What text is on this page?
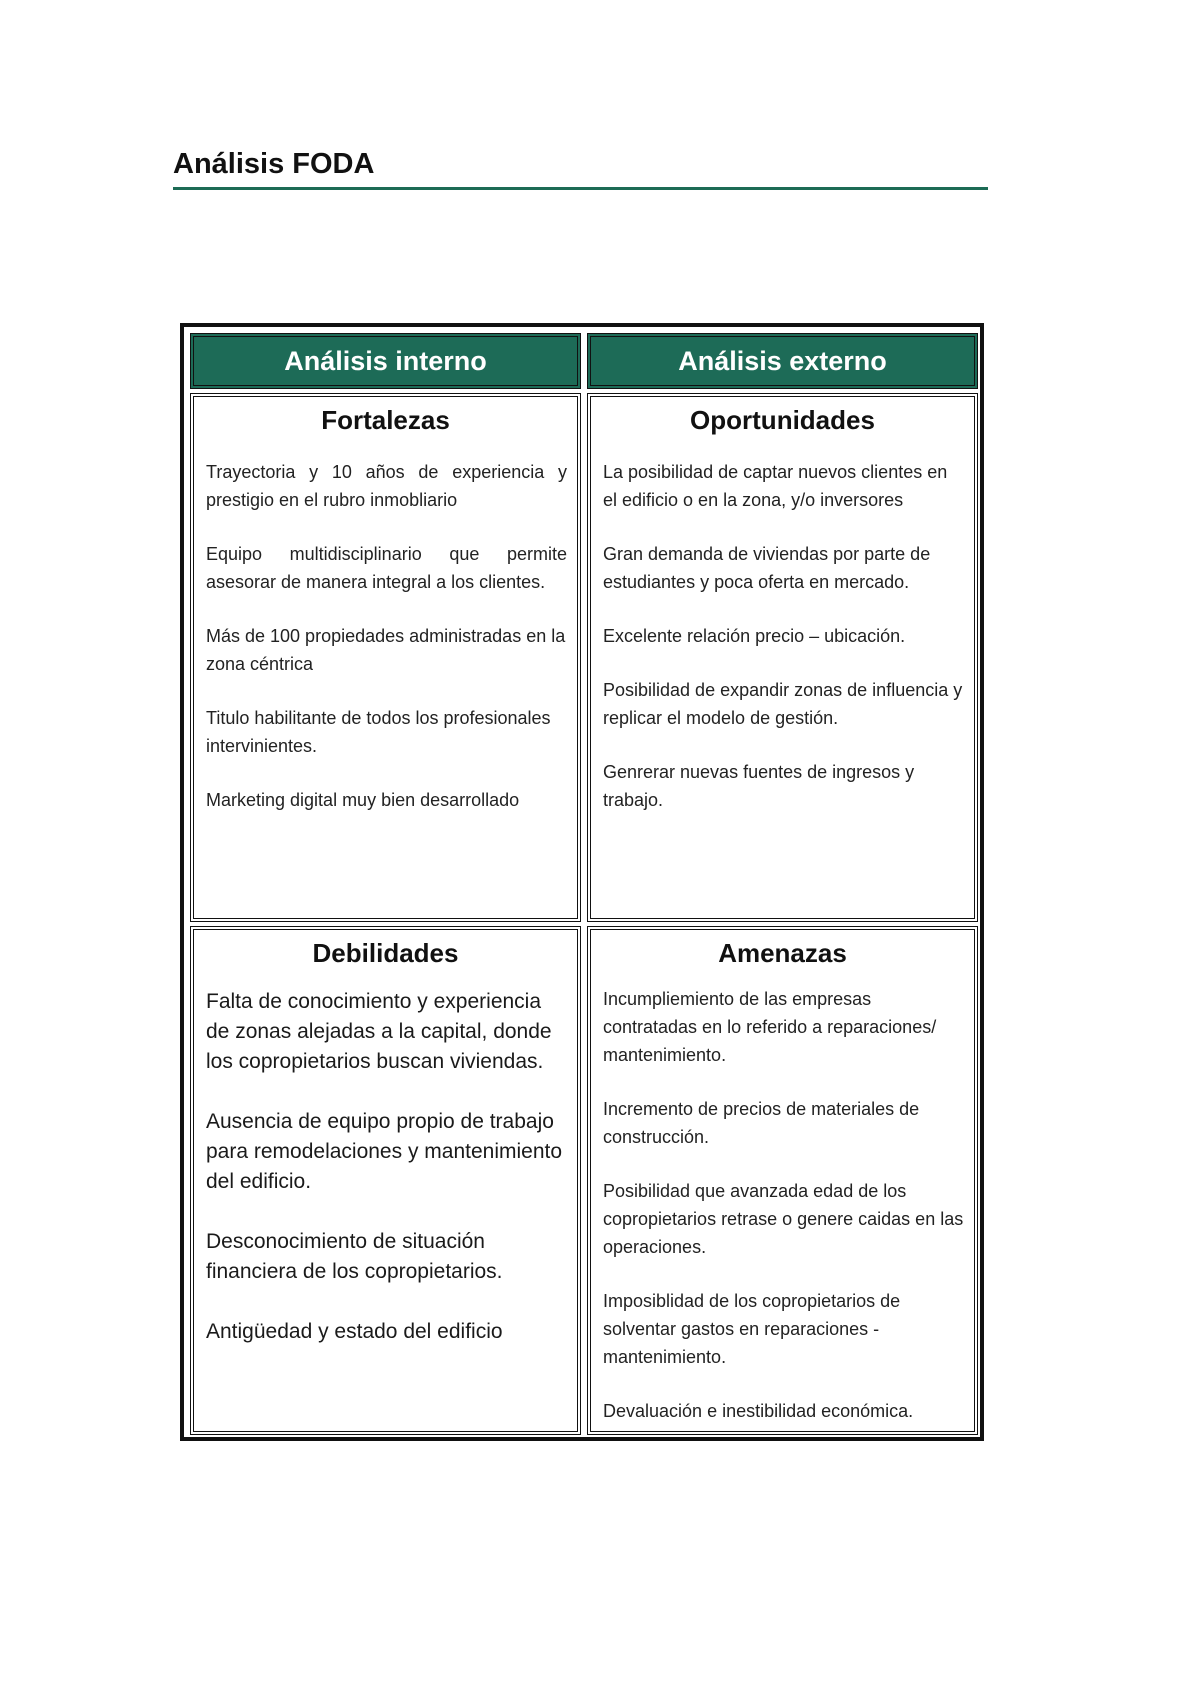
Análisis FODA
Análisis interno	Análisis externo
Fortalezas

Trayectoria y 10 años de experiencia y prestigio en el rubro inmobliario

Equipo multidisciplinario que permite asesorar de manera integral a los clientes.

Más de 100 propiedades administradas en la zona céntrica

Titulo habilitante de todos los profesionales intervinientes.

Marketing digital muy bien desarrollado

Oportunidades

La posibilidad de captar nuevos clientes en el edificio o en la zona, y/o inversores

Gran demanda de viviendas por parte de estudiantes y poca oferta en mercado.

Excelente relación precio – ubicación.

Posibilidad de expandir zonas de influencia y replicar el modelo de gestión.

Genrerar nuevas fuentes de ingresos y trabajo.

Debilidades

Falta de conocimiento y experiencia de zonas alejadas a la capital, donde los copropietarios buscan viviendas.

Ausencia de equipo propio de trabajo para remodelaciones y mantenimiento del edificio.

Desconocimiento de situación financiera de los copropietarios.

Antigüedad y estado del edificio

Amenazas

Incumpliemiento de las empresas contratadas en lo referido a reparaciones/ mantenimiento.

Incremento de precios de materiales de construcción.

Posibilidad que avanzada edad de los copropietarios retrase o genere caidas en las operaciones.

Imposiblidad de los copropietarios de solventar gastos en reparaciones - mantenimiento.

Devaluación e inestibilidad económica.
